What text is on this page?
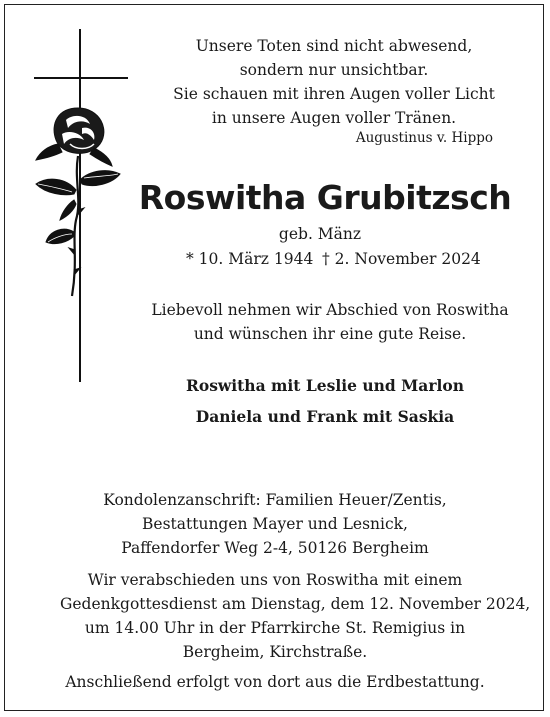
Unsere Toten sind nicht abwesend,
sondern nur unsichtbar.
Sie schauen mit ihren Augen voller Licht
in unsere Augen voller Tränen.
Augustinus v. Hippo
Roswitha Grubitzsch
geb. Mänz
* 10. März 1944 † 2. November 2024
Liebevoll nehmen wir Abschied von Roswitha
und wünschen ihr eine gute Reise.
Roswitha mit Leslie und Marlon
Daniela und Frank mit Saskia
Kondolenzanschrift: Familien Heuer/Zentis,
Bestattungen Mayer und Lesnick,
Paffendorfer Weg 2-4, 50126 Bergheim
Wir verabschieden uns von Roswitha mit einem
Gedenkgottesdienst am Dienstag, dem 12. November 2024,
um 14.00 Uhr in der Pfarrkirche St. Remigius in
Bergheim, Kirchstraße.
Anschließend erfolgt von dort aus die Erdbestattung.
